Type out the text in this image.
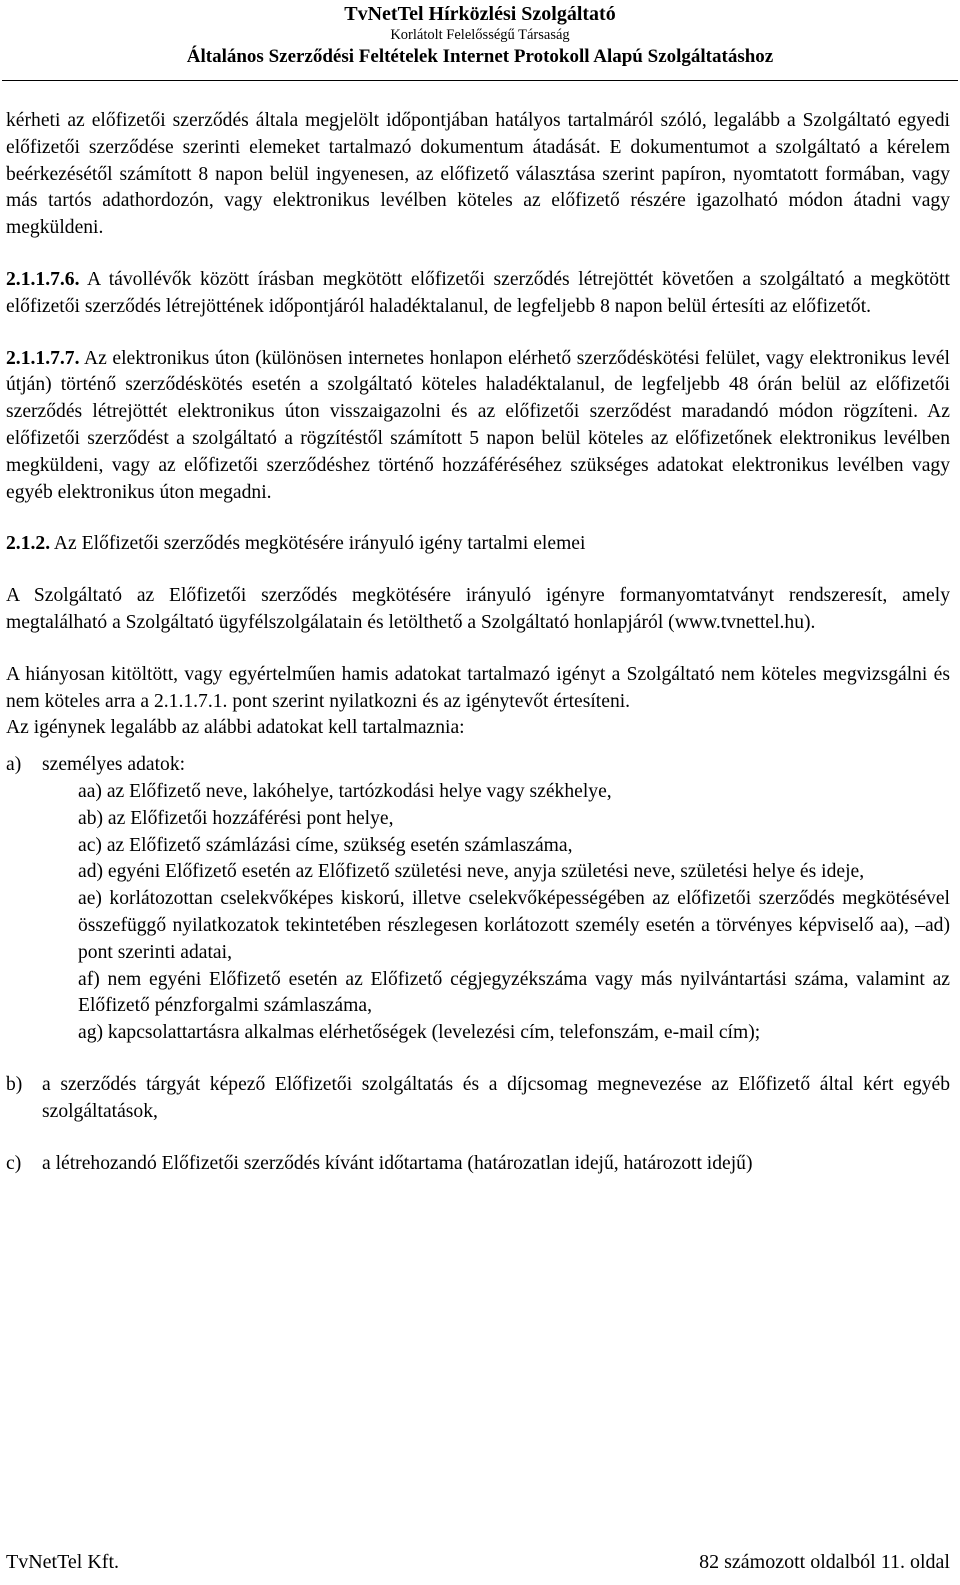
TvNetTel Hírközlési Szolgáltató
Korlátolt Felelősségű Társaság
Általános Szerződési Feltételek Internet Protokoll Alapú Szolgáltatáshoz

kérheti az előfizetői szerződés általa megjelölt időpontjában hatályos tartalmáról szóló, legalább a Szolgáltató egyedi előfizetői szerződése szerinti elemeket tartalmazó dokumentum átadását. E dokumentumot a szolgáltató a kérelem beérkezésétől számított 8 napon belül ingyenesen, az előfizető választása szerint papíron, nyomtatott formában, vagy más tartós adathordozón, vagy elektronikus levélben köteles az előfizető részére igazolható módon átadni vagy megküldeni.

2.1.1.7.6. A távollévők között írásban megkötött előfizetői szerződés létrejöttét követően a szolgáltató a megkötött előfizetői szerződés létrejöttének időpontjáról haladéktalanul, de legfeljebb 8 napon belül értesíti az előfizetőt.

2.1.1.7.7. Az elektronikus úton (különösen internetes honlapon elérhető szerződéskötési felület, vagy elektronikus levél útján) történő szerződéskötés esetén a szolgáltató köteles haladéktalanul, de legfeljebb 48 órán belül az előfizetői szerződés létrejöttét elektronikus úton visszaigazolni és az előfizetői szerződést maradandó módon rögzíteni. Az előfizetői szerződést a szolgáltató a rögzítéstől számított 5 napon belül köteles az előfizetőnek elektronikus levélben megküldeni, vagy az előfizetői szerződéshez történő hozzáféréséhez szükséges adatokat elektronikus levélben vagy egyéb elektronikus úton megadni.

2.1.2. Az Előfizetői szerződés megkötésére irányuló igény tartalmi elemei

A Szolgáltató az Előfizetői szerződés megkötésére irányuló igényre formanyomtatványt rendszeresít, amely megtalálható a Szolgáltató ügyfélszolgálatain és letölthető a Szolgáltató honlapjáról (www.tvnettel.hu).

A hiányosan kitöltött, vagy egyértelműen hamis adatokat tartalmazó igényt a Szolgáltató nem köteles megvizsgálni és nem köteles arra a 2.1.1.7.1. pont szerint nyilatkozni és az igénytevőt értesíteni.

Az igénynek legalább az alábbi adatokat kell tartalmaznia:

a)	személyes adatok:
aa) az Előfizető neve, lakóhelye, tartózkodási helye vagy székhelye,
ab) az Előfizetői hozzáférési pont helye,
ac) az Előfizető számlázási címe, szükség esetén számlaszáma,
ad) egyéni Előfizető esetén az Előfizető születési neve, anyja születési neve, születési helye és ideje,
ae) korlátozottan cselekvőképes kiskorú, illetve cselekvőképességében az előfizetői szerződés megkötésével összefüggő nyilatkozatok tekintetében részlegesen korlátozott személy esetén a törvényes képviselő aa), –ad) pont szerinti adatai,
af) nem egyéni Előfizető esetén az Előfizető cégjegyzékszáma vagy más nyilvántartási száma, valamint az Előfizető pénzforgalmi számlaszáma,
ag) kapcsolattartásra alkalmas elérhetőségek (levelezési cím, telefonszám, e-mail cím);
b)	a szerződés tárgyát képező Előfizetői szolgáltatás és a díjcsomag megnevezése az Előfizető által kért egyéb szolgáltatások,
c)	a létrehozandó Előfizetői szerződés kívánt időtartama (határozatlan idejű, határozott idejű)
TvNetTel Kft.	82 számozott oldalból 11. oldal
